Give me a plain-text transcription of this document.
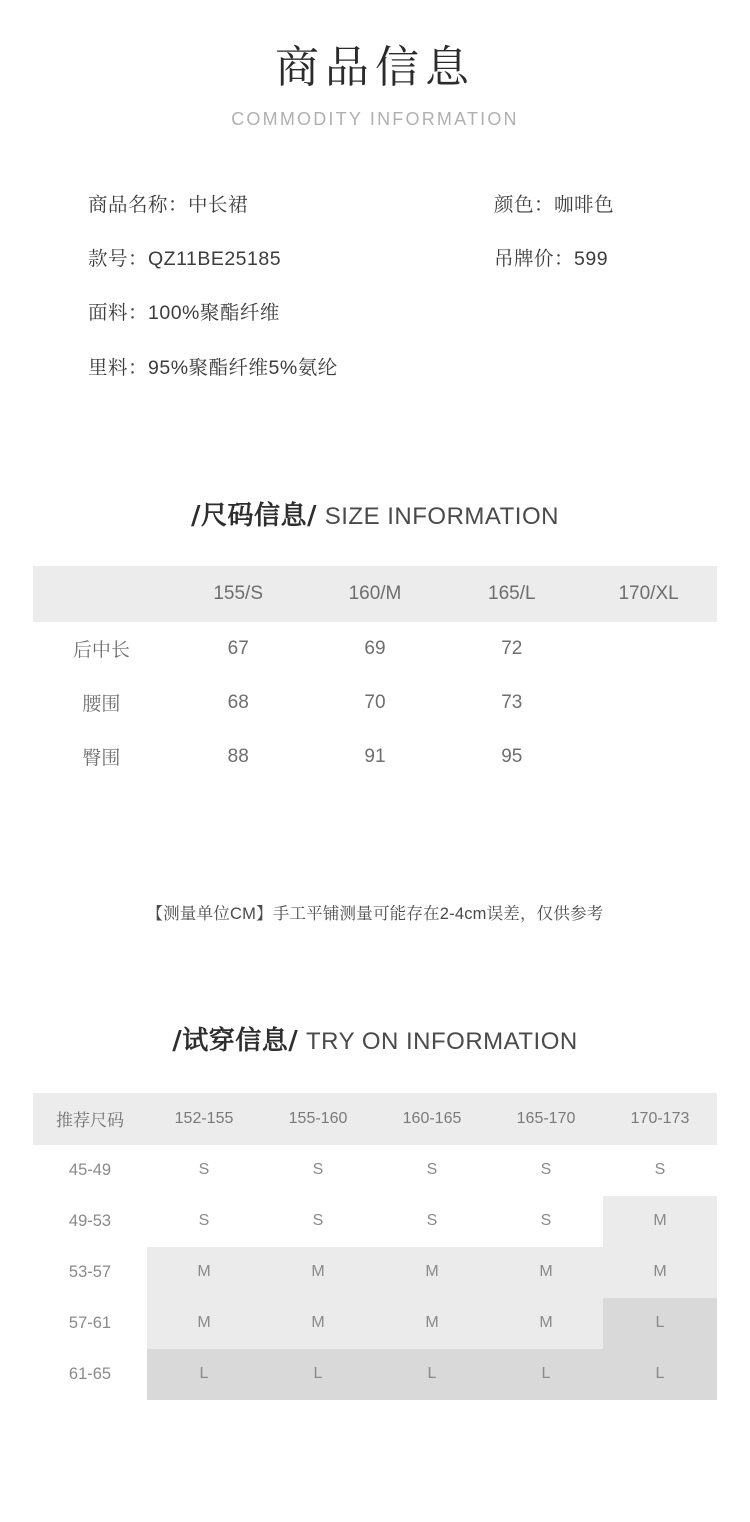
商品信息
COMMODITY INFORMATION
商品名称：中长裙	颜色：咖啡色
款号：QZ11BE25185	吊牌价：599
面料：100%聚酯纤维
里料：95%聚酯纤维5%氨纶
/尺码信息/ SIZE INFORMATION
	155/S	160/M	165/L	170/XL
后中长	67	69	72	
腰围	68	70	73	
臀围	88	91	95	
【测量单位CM】手工平铺测量可能存在2-4cm误差，仅供参考
/试穿信息/ TRY ON INFORMATION
推荐尺码	152-155	155-160	160-165	165-170	170-173
45-49	S	S	S	S	S
49-53	S	S	S	S	M
53-57	M	M	M	M	M
57-61	M	M	M	M	L
61-65	L	L	L	L	L
